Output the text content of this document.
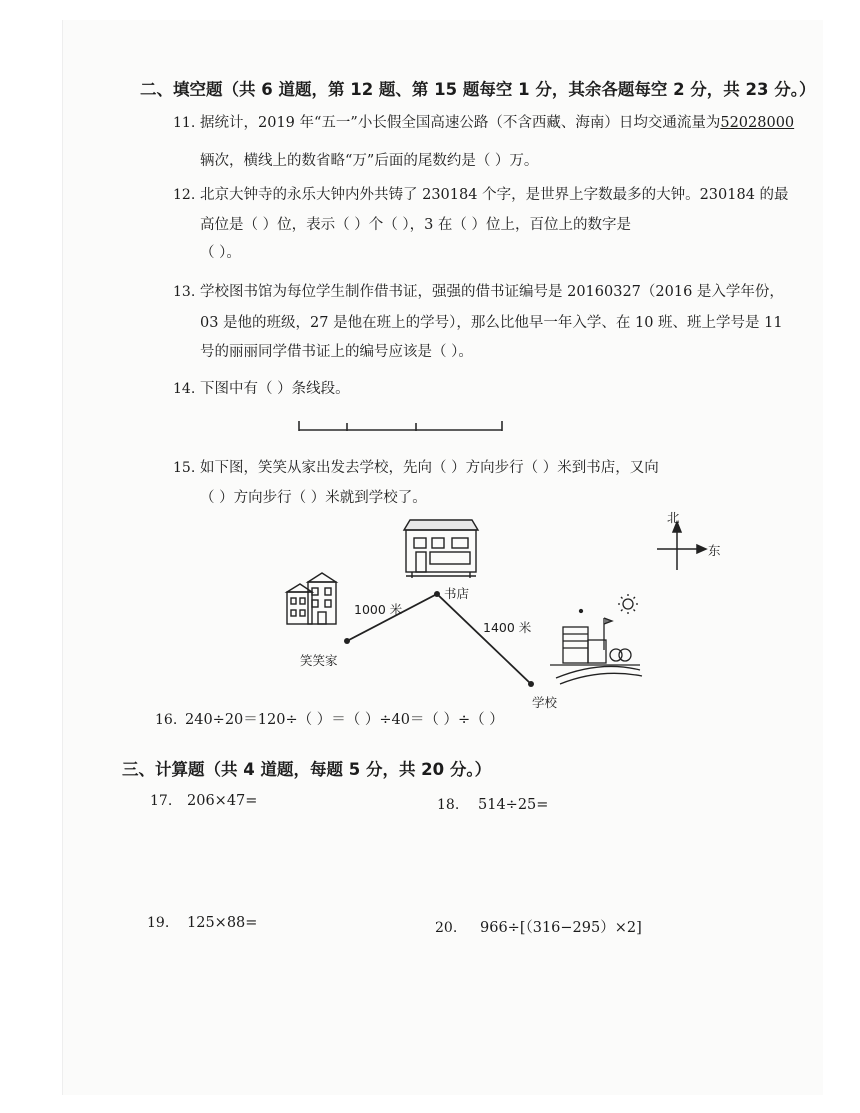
二、填空题（共 6 道题，第 12 题、第 15 题每空 1 分，其余各题每空 2 分，共 23 分。）
11. 据统计，2019 年“五一”小长假全国高速公路（不含西藏、海南）日均交通流量为52028000
辆次，横线上的数省略“万”后面的尾数约是（ ）万。
12. 北京大钟寺的永乐大钟内外共铸了 230184 个字，是世界上字数最多的大钟。230184 的最
高位是（ ）位，表示（ ）个（ ），3 在（ ）位上，百位上的数字是
（ ）。
13. 学校图书馆为每位学生制作借书证，强强的借书证编号是 20160327（2016 是入学年份，
03 是他的班级，27 是他在班上的学号），那么比他早一年入学、在 10 班、班上学号是 11
号的丽丽同学借书证上的编号应该是（ ）。
14. 下图中有（ ）条线段。
15. 如下图，笑笑从家出发去学校，先向（ ）方向步行（ ）米到书店，又向
（ ）方向步行（ ）米就到学校了。
北
东
书店
笑笑家
学校
1000 米
1400 米
16. 240÷20＝120÷（ ）＝（ ）÷40＝（ ）÷（ ）
三、计算题（共 4 道题，每题 5 分，共 20 分。）
17. 206×47=	18. 514÷25=
19. 125×88=	20. 966÷[（316−295）×2]
